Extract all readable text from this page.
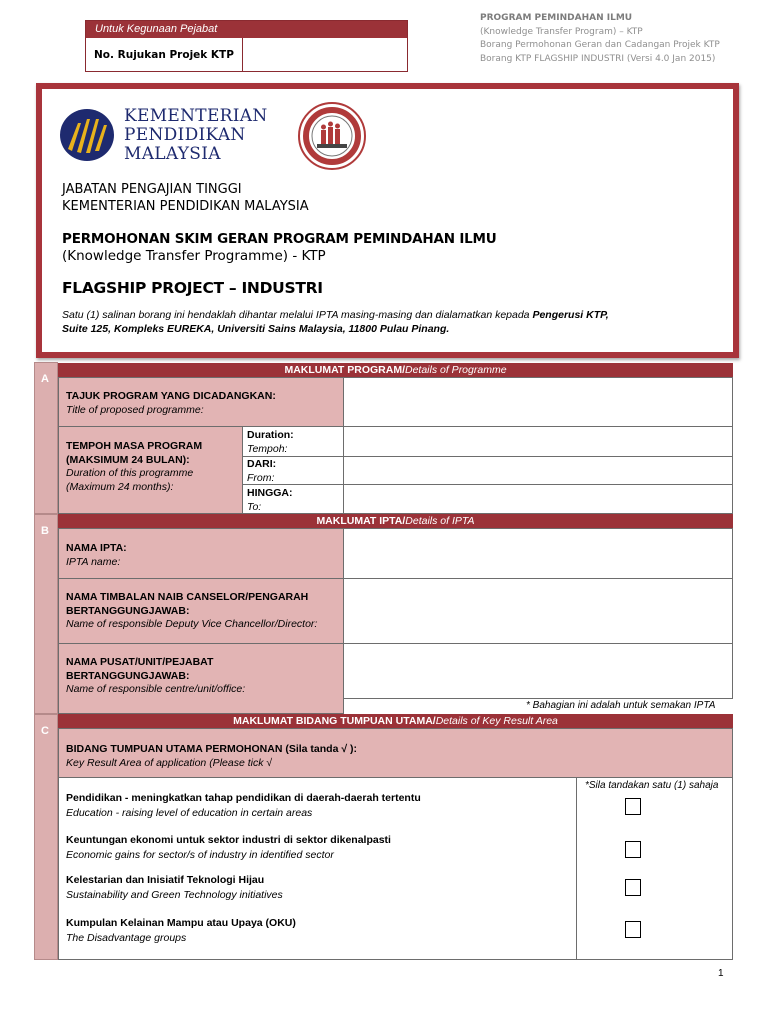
Untuk Kegunaan Pejabat
No. Rujukan Projek KTP
PROGRAM PEMINDAHAN ILMU
(Knowledge Transfer Program) – KTP
Borang Permohonan Geran dan Cadangan Projek KTP
Borang KTP FLAGSHIP INDUSTRI (Versi 4.0 Jan 2015)
KEMENTERIAN
PENDIDIKAN
MALAYSIA
JABATAN PENGAJIAN TINGGI
KEMENTERIAN PENDIDIKAN MALAYSIA
PERMOHONAN SKIM GERAN PROGRAM PEMINDAHAN ILMU
(Knowledge Transfer Programme) - KTP
FLAGSHIP PROJECT – INDUSTRI
Satu (1) salinan borang ini hendaklah dihantar melalui IPTA masing-masing dan dialamatkan kepada Pengerusi KTP,
Suite 125, Kompleks EUREKA, Universiti Sains Malaysia, 11800 Pulau Pinang.
A
B
C
MAKLUMAT PROGRAM/Details of Programme
TAJUK PROGRAM YANG DICADANGKAN:
Title of proposed programme:
TEMPOH MASA PROGRAM
(MAKSIMUM 24 BULAN):
Duration of this programme
(Maximum 24 months):
Duration:
Tempoh:
DARI:
From:
HINGGA:
To:
MAKLUMAT IPTA/Details of IPTA
NAMA IPTA:
IPTA name:
NAMA TIMBALAN NAIB CANSELOR/PENGARAH
BERTANGGUNGJAWAB:
Name of responsible Deputy Vice Chancellor/Director:
NAMA PUSAT/UNIT/PEJABAT
BERTANGGUNGJAWAB:
Name of responsible centre/unit/office:
* Bahagian ini adalah untuk semakan IPTA
MAKLUMAT BIDANG TUMPUAN UTAMA/Details of Key Result Area
BIDANG TUMPUAN UTAMA PERMOHONAN (Sila tanda √ ):
Key Result Area of application (Please tick √
*Sila tandakan satu (1) sahaja
Pendidikan - meningkatkan tahap pendidikan di daerah-daerah tertentu
Education - raising level of education in certain areas
Keuntungan ekonomi untuk sektor industri di sektor dikenalpasti
Economic gains for sector/s of industry in identified sector
Kelestarian dan Inisiatif Teknologi Hijau
Sustainability and Green Technology initiatives
Kumpulan Kelainan Mampu atau Upaya (OKU)
The Disadvantage groups
1
